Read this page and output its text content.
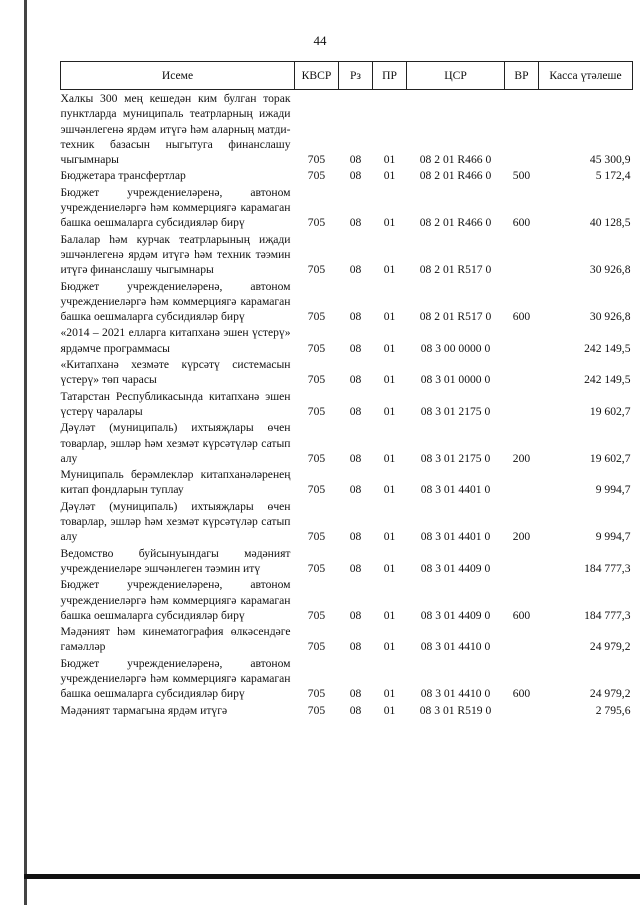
44
Исеме	КВСР	Рз	ПР	ЦСР	ВР	Касса үтәлеше
Халкы 300 мең кешедән ким булган торак пунктларда муниципаль театрларның ижади эшчәнлегенә ярдәм итүгә һәм аларның матди-техник базасын ныгытуга финанслашу чыгымнары	705	08	01	08 2 01 R466 0		45 300,9
Бюджетара трансфертлар	705	08	01	08 2 01 R466 0	500	5 172,4
Бюджет учреждениеләренә, автоном учреждениеләргә һәм коммерциягә карамаган башка оешмаларга субсидияләр бирү	705	08	01	08 2 01 R466 0	600	40 128,5
Балалар һәм курчак театрларының иҗади эшчәнлегенә ярдәм итүгә һәм техник тәэмин итүгә финанслашу чыгымнары	705	08	01	08 2 01 R517 0		30 926,8
Бюджет учреждениеләренә, автоном учреждениеләргә һәм коммерциягә карамаган башка оешмаларга субсидияләр бирү	705	08	01	08 2 01 R517 0	600	30 926,8
«2014 – 2021 елларга китапханә эшен үстерү» ярдәмче программасы	705	08	01	08 3 00 0000 0		242 149,5
«Китапханә хезмәте күрсәтү системасын үстерү» төп чарасы	705	08	01	08 3 01 0000 0		242 149,5
Татарстан Республикасында китапханә эшен үстерү чаралары	705	08	01	08 3 01 2175 0		19 602,7
Дәүләт (муниципаль) ихтыяҗлары өчен товарлар, эшләр һәм хезмәт күрсәтүләр сатып алу	705	08	01	08 3 01 2175 0	200	19 602,7
Муниципаль берәмлекләр китапханәләренең китап фондларын туплау	705	08	01	08 3 01 4401 0		9 994,7
Дәүләт (муниципаль) ихтыяҗлары өчен товарлар, эшләр һәм хезмәт күрсәтүләр сатып алу	705	08	01	08 3 01 4401 0	200	9 994,7
Ведомство буйсынуындагы мәдәният учреждениеләре эшчәнлеген тәэмин итү	705	08	01	08 3 01 4409 0		184 777,3
Бюджет учреждениеләренә, автоном учреждениеләргә һәм коммерциягә карамаган башка оешмаларга субсидияләр бирү	705	08	01	08 3 01 4409 0	600	184 777,3
Мәдәният һәм кинематография өлкәсендәге гамәлләр	705	08	01	08 3 01 4410 0		24 979,2
Бюджет учреждениеләренә, автоном учреждениеләргә һәм коммерциягә карамаган башка оешмаларга субсидияләр бирү	705	08	01	08 3 01 4410 0	600	24 979,2
Мәдәният тармагына ярдәм итүгә	705	08	01	08 3 01 R519 0		2 795,6
